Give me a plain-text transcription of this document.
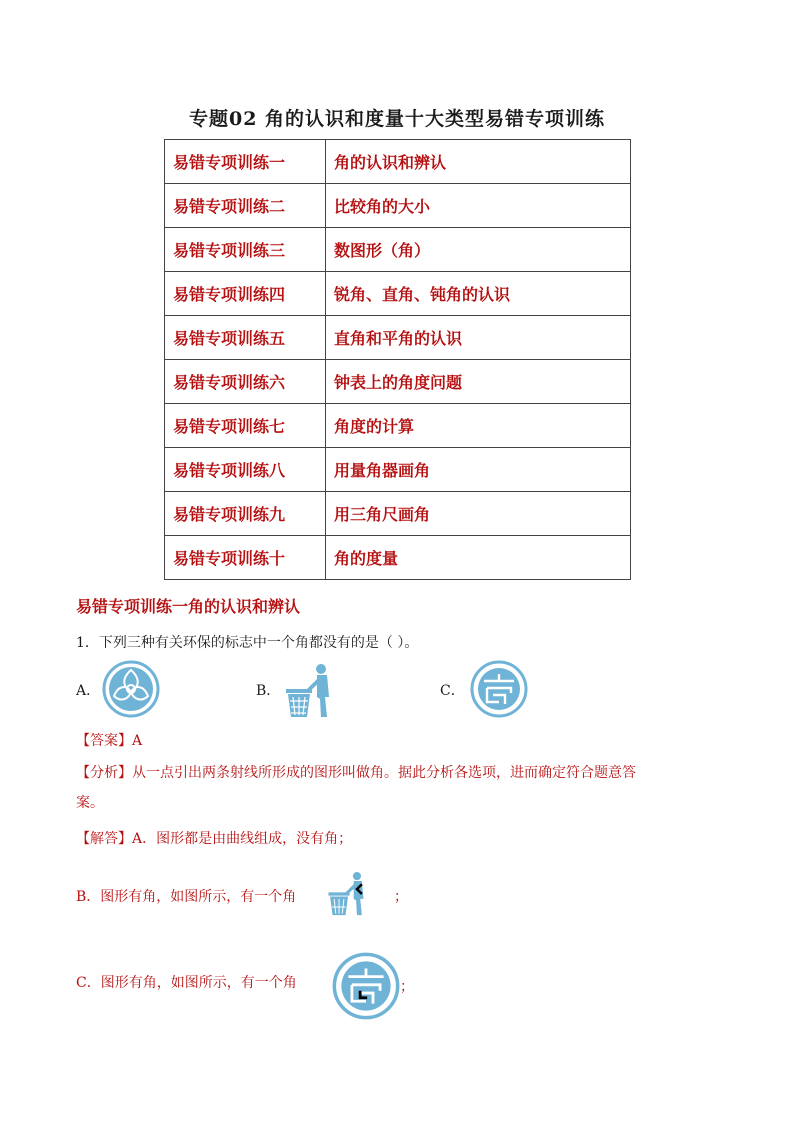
专题02 角的认识和度量十大类型易错专项训练
易错专项训练一	角的认识和辨认
易错专项训练二	比较角的大小
易错专项训练三	数图形（角）
易错专项训练四	锐角、直角、钝角的认识
易错专项训练五	直角和平角的认识
易错专项训练六	钟表上的角度问题
易错专项训练七	角度的计算
易错专项训练八	用量角器画角
易错专项训练九	用三角尺画角
易错专项训练十	角的度量
易错专项训练一角的认识和辨认
1．下列三种有关环保的标志中一个角都没有的是（ ）。
A．	B．	C．
【答案】A
【分析】从一点引出两条射线所形成的图形叫做角。据此分析各选项，进而确定符合题意答
案。
【解答】A．图形都是由曲线组成，没有角；
B．图形有角，如图所示，有一个角	；
C．图形有角，如图所示，有一个角	；
